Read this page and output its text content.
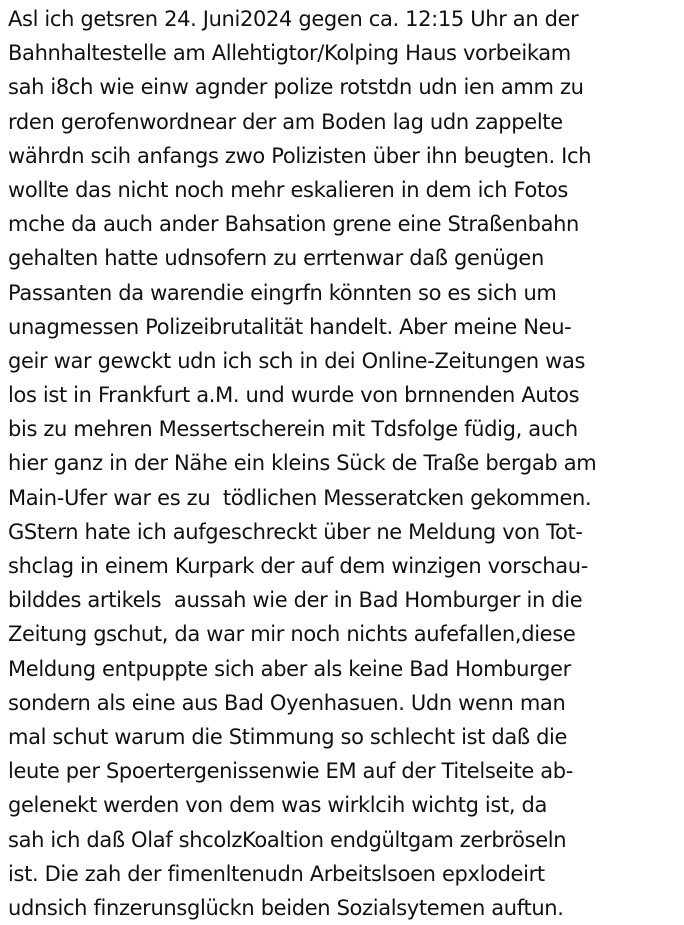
Asl ich getsren 24. Juni2024 gegen ca. 12:15 Uhr an der
Bahnhaltestelle am Allehtigtor/Kolping Haus vorbeikam
sah i8ch wie einw agnder polize rotstdn udn ien amm zu
rden gerofenwordnear der am Boden lag udn zappelte
währdn scih anfangs zwo Polizisten über ihn beugten. Ich
wollte das nicht noch mehr eskalieren in dem ich Fotos
mche da auch ander Bahsation grene eine Straßenbahn
gehalten hatte udnsofern zu errtenwar daß genügen
Passanten da warendie eingrfn könnten so es sich um
unagmessen Polizeibrutalität handelt. Aber meine Neu-
geir war gewckt udn ich sch in dei Online-Zeitungen was
los ist in Frankfurt a.M. und wurde von brnnenden Autos
bis zu mehren Messertscherein mit Tdsfolge füdig, auch
hier ganz in der Nähe ein kleins Sück de Traße bergab am
Main-Ufer war es zu  tödlichen Messeratcken gekommen.
GStern hate ich aufgeschreckt über ne Meldung von Tot-
shclag in einem Kurpark der auf dem winzigen vorschau-
bilddes artikels  aussah wie der in Bad Homburger in die
Zeitung gschut, da war mir noch nichts aufefallen,diese
Meldung entpuppte sich aber als keine Bad Homburger
sondern als eine aus Bad Oyenhasuen. Udn wenn man
mal schut warum die Stimmung so schlecht ist daß die
leute per Spoertergenissenwie EM auf der Titelseite ab-
gelenekt werden von dem was wirklcih wichtg ist, da
sah ich daß Olaf shcolzKoaltion endgültgam zerbröseln
ist. Die zah der fimenltenudn Arbeitslsoen epxlodeirt
udnsich finzerunsglückn beiden Sozialsytemen auftun.
